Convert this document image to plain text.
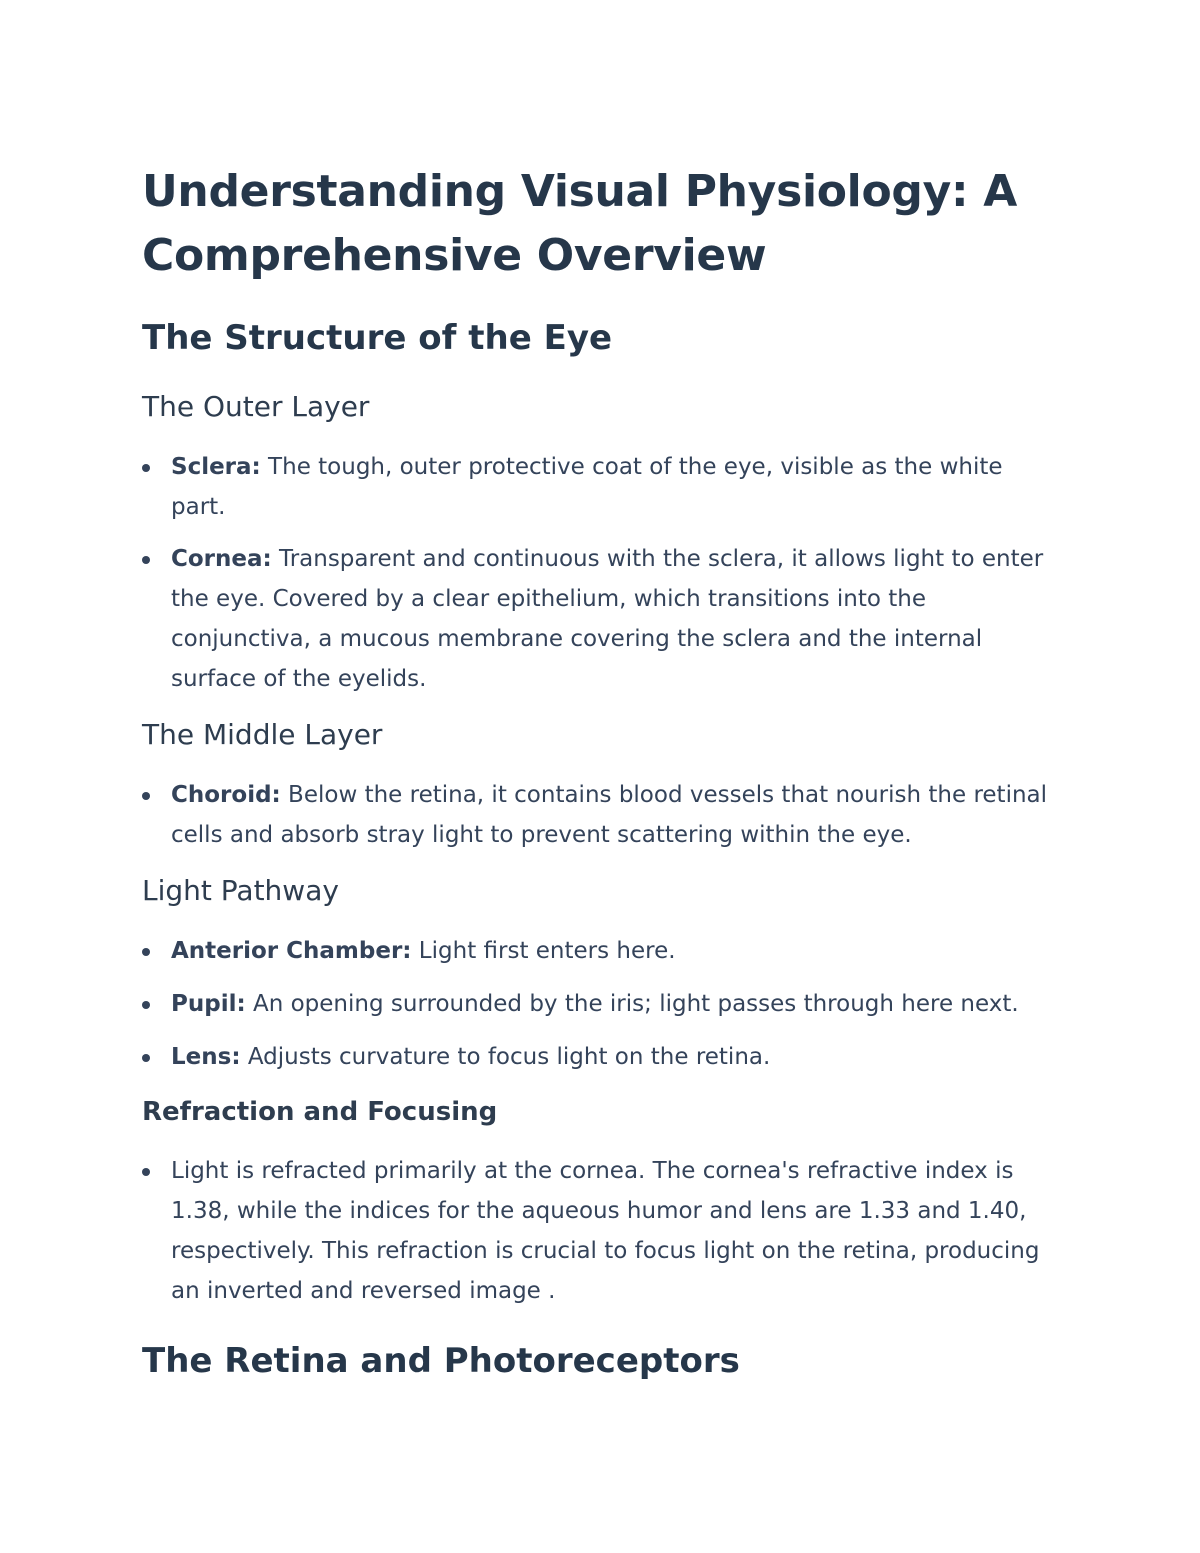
Understanding Visual Physiology: A Comprehensive Overview
The Structure of the Eye
The Outer Layer
Sclera: The tough, outer protective coat of the eye, visible as the white part.
Cornea: Transparent and continuous with the sclera, it allows light to enter the eye. Covered by a clear epithelium, which transitions into the conjunctiva, a mucous membrane covering the sclera and the internal surface of the eyelids.
The Middle Layer
Choroid: Below the retina, it contains blood vessels that nourish the retinal cells and absorb stray light to prevent scattering within the eye.
Light Pathway
Anterior Chamber: Light first enters here.
Pupil: An opening surrounded by the iris; light passes through here next.
Lens: Adjusts curvature to focus light on the retina.
Refraction and Focusing
Light is refracted primarily at the cornea. The cornea's refractive index is 1.38, while the indices for the aqueous humor and lens are 1.33 and 1.40, respectively. This refraction is crucial to focus light on the retina, producing an inverted and reversed image .
The Retina and Photoreceptors
